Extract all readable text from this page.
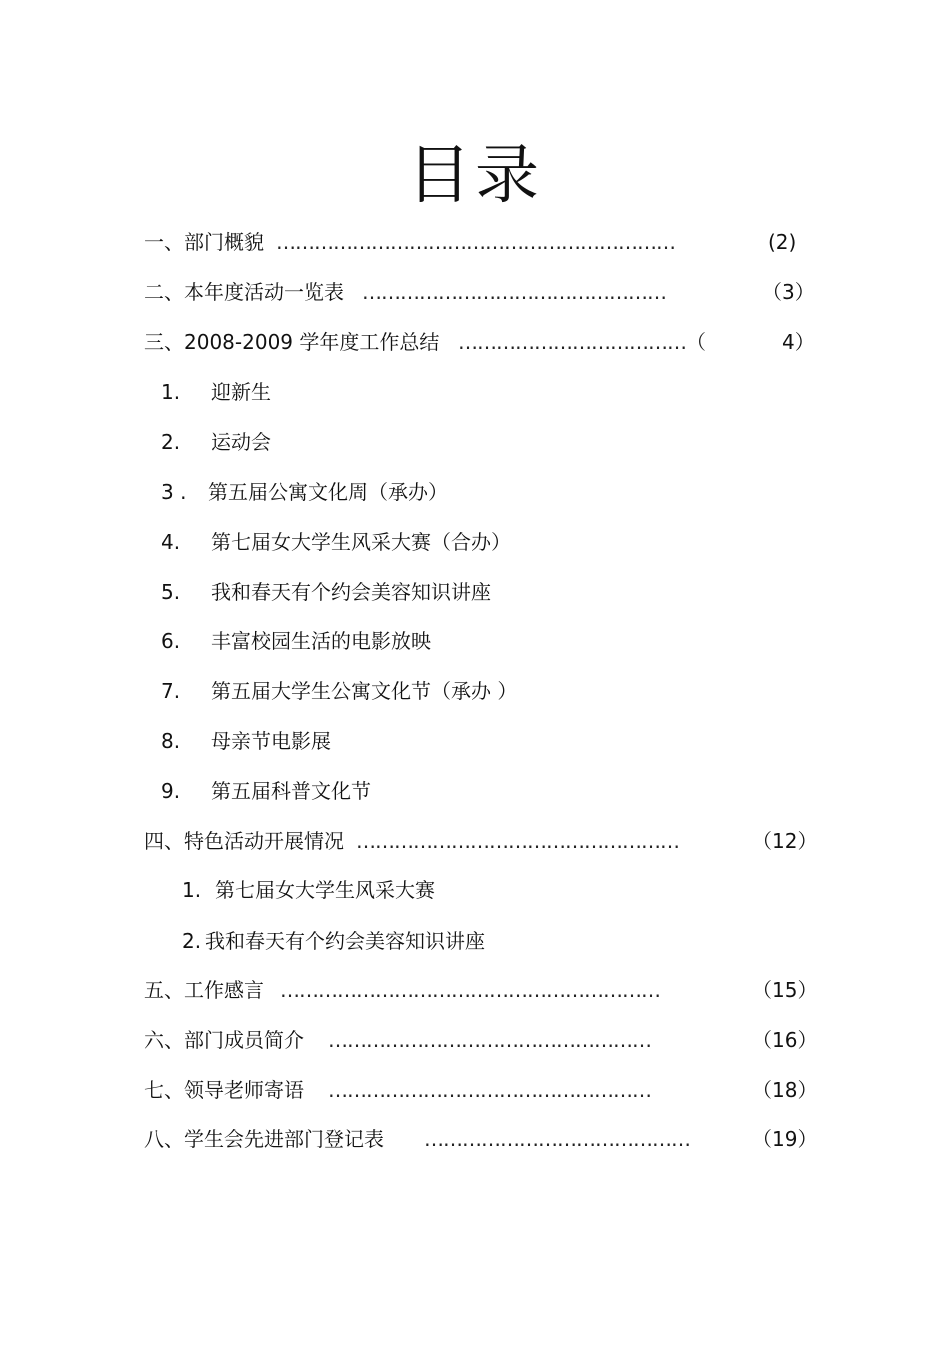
目录
一、部门概貌 ………………………………………………………	(2)
二、本年度活动一览表 …………………………………………	（3）
三、2008-2009 学年度工作总结 ………………………………（	4）
1. 迎新生
2. 运动会
3 . 第五届公寓文化周（承办）
4. 第七届女大学生风采大赛（合办）
5. 我和春天有个约会美容知识讲座
6. 丰富校园生活的电影放映
7. 第五届大学生公寓文化节（承办 ）
8. 母亲节电影展
9. 第五届科普文化节
四、特色活动开展情况 ……………………………………………	（12）
1. 第七届女大学生风采大赛
2. 我和春天有个约会美容知识讲座
五、工作感言 ……………………………………………………	（15）
六、部门成员简介 ……………………………………………	（16）
七、领导老师寄语 ……………………………………………	（18）
八、学生会先进部门登记表 ……………………………………	（19）
